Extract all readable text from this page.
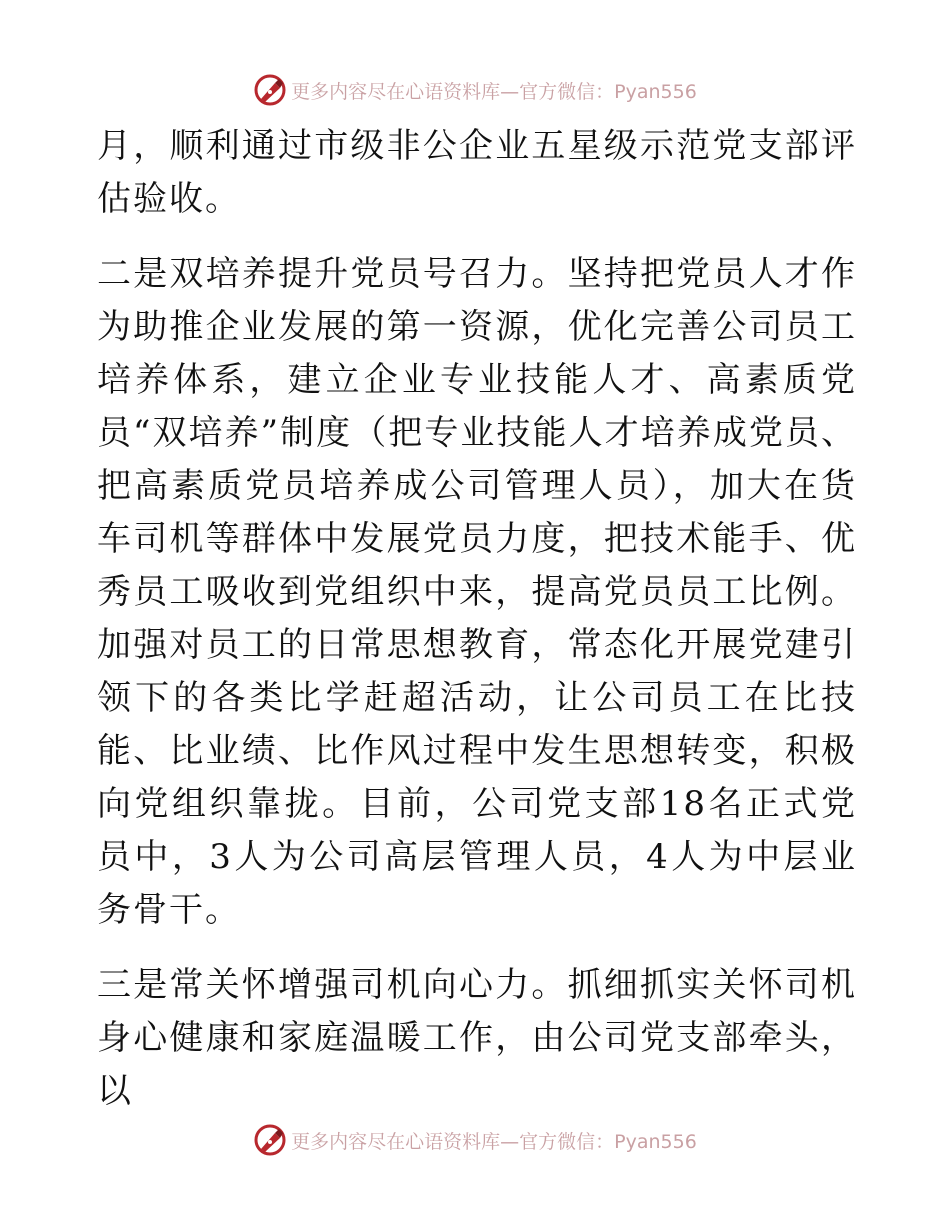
更多内容尽在心语资料库—官方微信：Pyan556

月，顺利通过市级非公企业五星级示范党支部评估验收。

二是双培养提升党员号召力。坚持把党员人才作为助推企业发展的第一资源，优化完善公司员工培养体系，建立企业专业技能人才、高素质党员“双培养”制度（把专业技能人才培养成党员、把高素质党员培养成公司管理人员），加大在货车司机等群体中发展党员力度，把技术能手、优秀员工吸收到党组织中来，提高党员员工比例。加强对员工的日常思想教育，常态化开展党建引领下的各类比学赶超活动，让公司员工在比技能、比业绩、比作风过程中发生思想转变，积极向党组织靠拢。目前，公司党支部18名正式党员中，3人为公司高层管理人员，4人为中层业务骨干。

三是常关怀增强司机向心力。抓细抓实关怀司机身心健康和家庭温暖工作，由公司党支部牵头，以

更多内容尽在心语资料库—官方微信：Pyan556
